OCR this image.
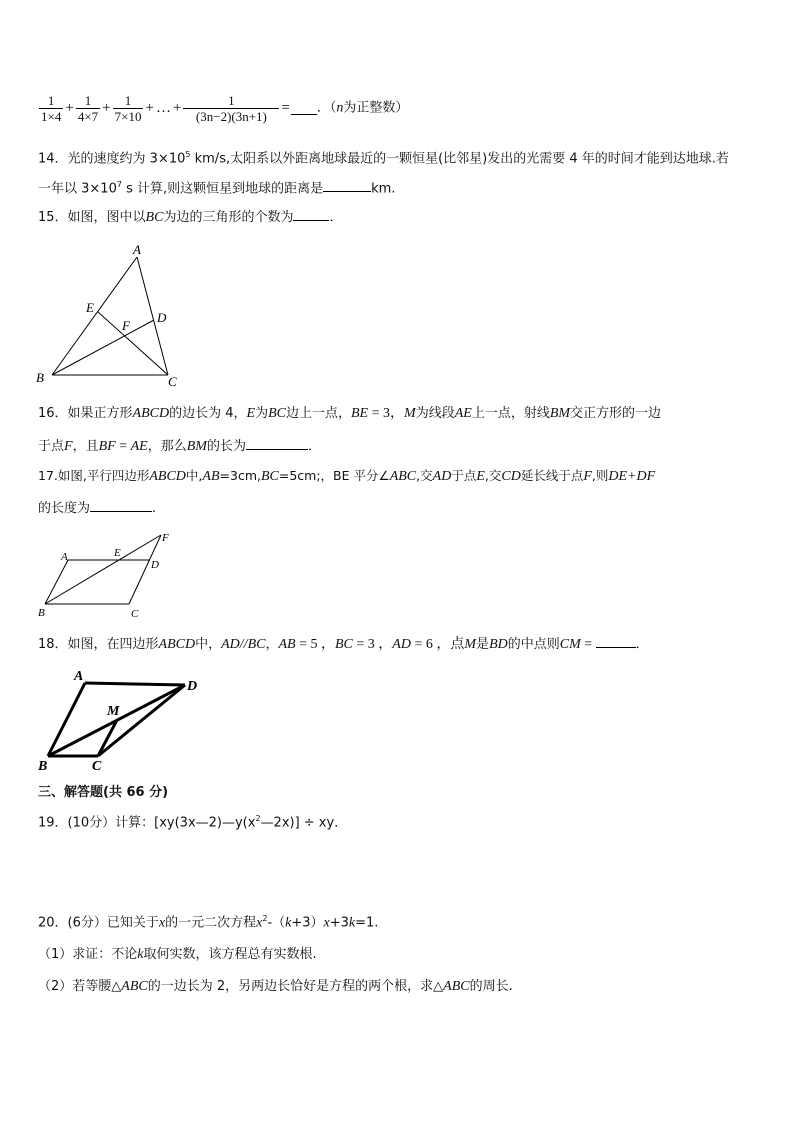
$\frac{1}{1\times 4} + \frac{1}{4\times 7} + \frac{1}{7\times 10}$ + … + $\frac{1}{(3n-2)(3n+1)}$ = ．（n为正整数）
14．光的速度约为 $3\times 10^5$ km/s,太阳系以外距离地球最近的一颗恒星(比邻星)发出的光需要 4 年的时间才能到达地球.若
一年以 $3\times 10^7$ s 计算,则这颗恒星到地球的距离是	km.
15．如图，图中以BC为边的三角形的个数为	．
A
B	C
D
E
F
16．如果正方形ABCD的边长为 4，E为BC边上一点，BE = 3，M为线段AE上一点，射线BM交正方形的一边
于点F，且BF = AE，那么BM的长为	．
17.如图,平行四边形ABCD中,AB=3cm,BC=5cm;，BE 平分∠ABC,交AD于点E,交CD延长线于点F,则DE+DF
的长度为	.
A
B	C
D
E
F
18．如图，在四边形ABCD中，AD//BC，AB = 5 ，BC = 3 ，AD = 6 ，点M是BD的中点则CM =	．
A
B	C
D
M
三、解答题(共 66 分)
19．(10分）计算：$[xy(3x—2)—y(x^2—2x)]$ ÷ xy．
20．(6分）已知关于x的一元二次方程$x^2-(k+3)x+3k=1$.
（1）求证：不论k取何实数，该方程总有实数根.
（2）若等腰△ABC的一边长为 2，另两边长恰好是方程的两个根，求△ABC的周长.
